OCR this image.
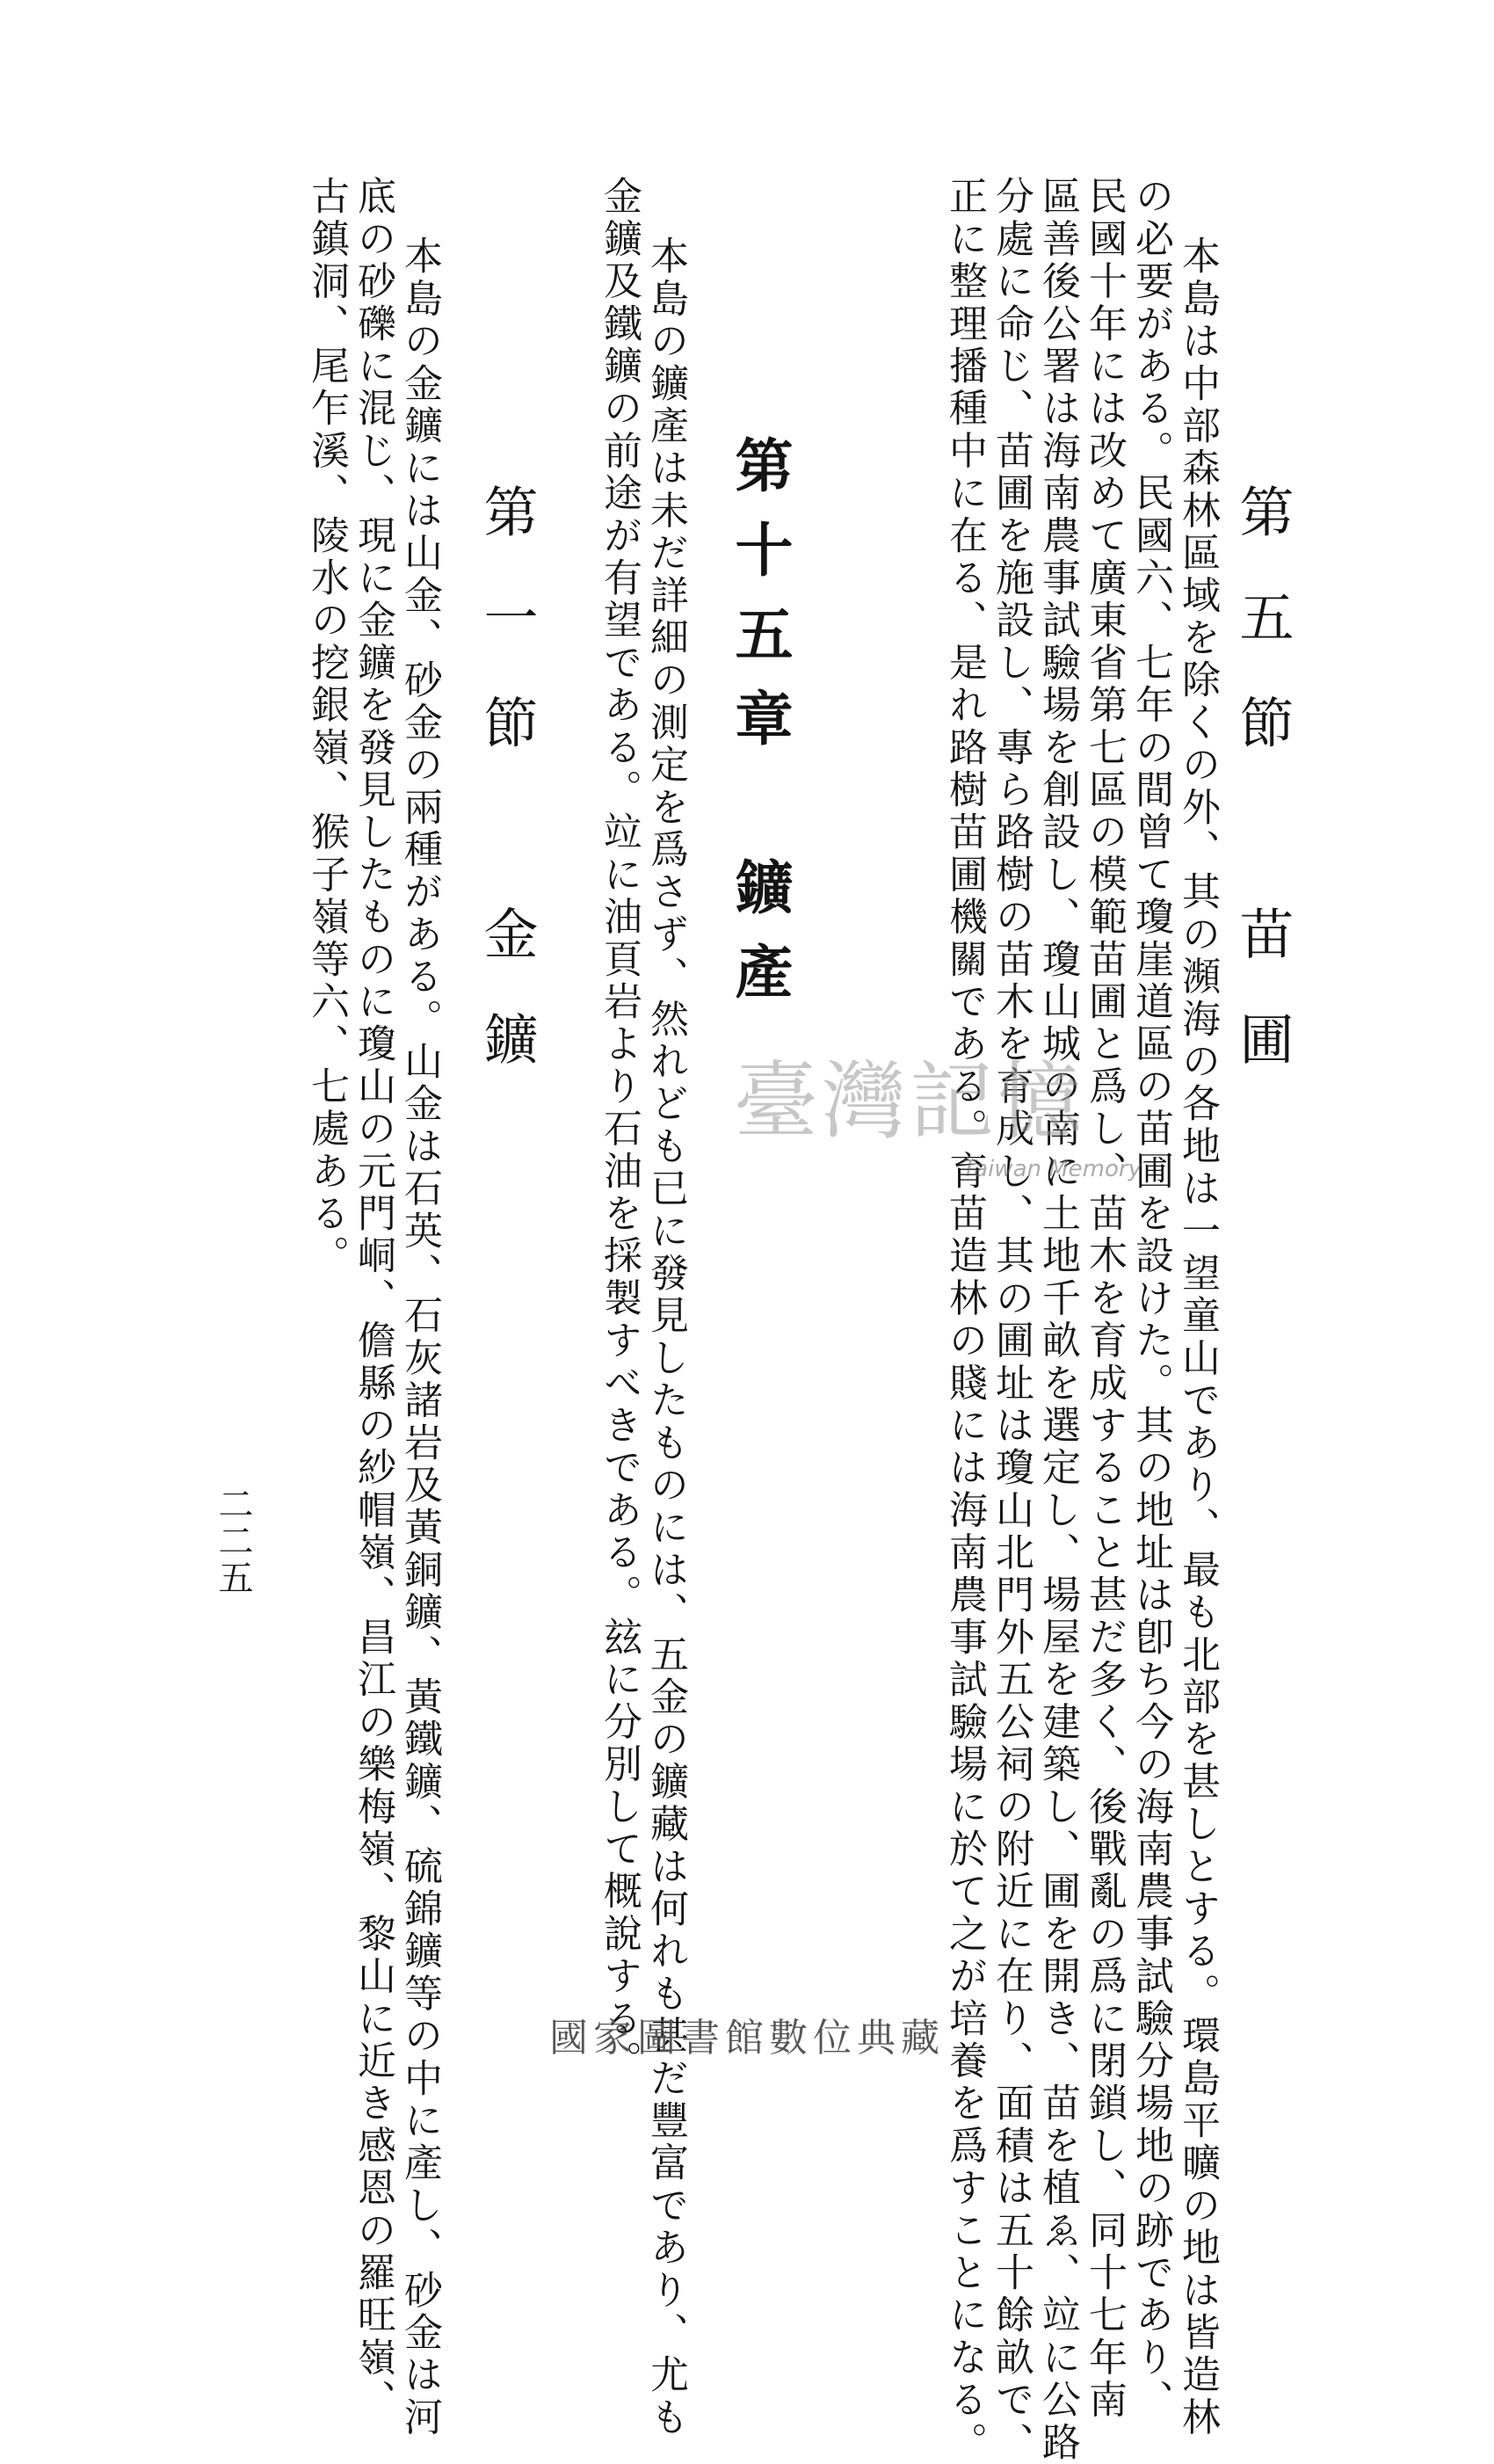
第五節　苗圃
本島は中部森林區域を除くの外、其の瀕海の各地は一望童山であり、最も北部を甚しとする。環島平曠の地は皆造林
の必要がある。民國六、七年の間曾て瓊崖道區の苗圃を設けた。其の地址は卽ち今の海南農事試驗分場地の跡であり、
民國十年には改めて廣東省第七區の模範苗圃と爲し、苗木を育成すること甚だ多く、後戰亂の爲に閉鎖し、同十七年南
區善後公署は海南農事試驗場を創設し、瓊山城の南に土地千畝を選定し、場屋を建築し、圃を開き、苗を植ゑ、竝に公路
分處に命じ、苗圃を施設し、專ら路樹の苗木を育成し、其の圃址は瓊山北門外五公祠の附近に在り、面積は五十餘畝で、
正に整理播種中に在る、是れ路樹苗圃機關である。育苗造林の賤には海南農事試驗場に於て之が培養を爲すことになる。
第十五章　鑛產
本島の鑛產は未だ詳細の測定を爲さず、然れども已に發見したものには、五金の鑛藏は何れも甚だ豐富であり、尤も
金鑛及鐵鑛の前途が有望である。竝に油頁岩より石油を採製すべきである。玆に分別して概說する。
第一節　金鑛
本島の金鑛には山金、砂金の兩種がある。山金は石英、石灰諸岩及黃銅鑛、黃鐵鑛、硫錦鑛等の中に產し、砂金は河
底の砂礫に混じ、現に金鑛を發見したものに瓊山の元門峒、儋縣の紗帽嶺、昌江の樂梅嶺、黎山に近き感恩の羅旺嶺、
古鎮洞、尾乍溪、陵水の挖銀嶺、猴子嶺等六、七處ある。
二二五
臺灣記憶
Taiwan Memory
國家圖書館數位典藏
